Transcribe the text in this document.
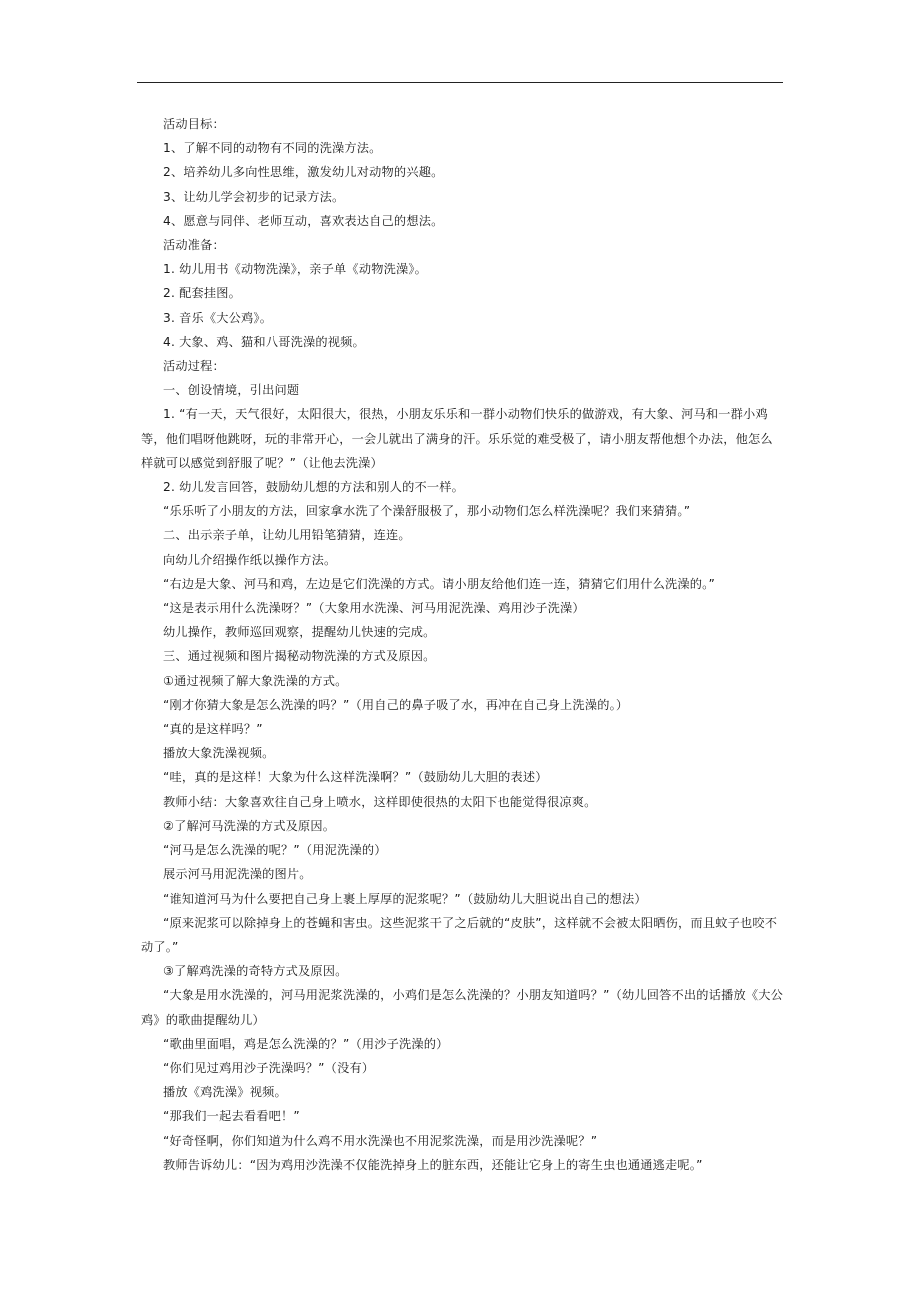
活动目标：

1、了解不同的动物有不同的洗澡方法。

2、培养幼儿多向性思维，激发幼儿对动物的兴趣。

3、让幼儿学会初步的记录方法。

4、愿意与同伴、老师互动，喜欢表达自己的想法。

活动准备：

1. 幼儿用书《动物洗澡》，亲子单《动物洗澡》。

2. 配套挂图。

3. 音乐《大公鸡》。

4. 大象、鸡、猫和八哥洗澡的视频。

活动过程：

一、创设情境，引出问题

1. “有一天，天气很好，太阳很大，很热，小朋友乐乐和一群小动物们快乐的做游戏，有大象、河马和一群小鸡等，他们唱呀他跳呀，玩的非常开心，一会儿就出了满身的汗。乐乐觉的难受极了，请小朋友帮他想个办法，他怎么样就可以感觉到舒服了呢？”（让他去洗澡）

2. 幼儿发言回答，鼓励幼儿想的方法和别人的不一样。

“乐乐听了小朋友的方法，回家拿水洗了个澡舒服极了，那小动物们怎么样洗澡呢？我们来猜猜。”

二、出示亲子单，让幼儿用铅笔猜猜，连连。

向幼儿介绍操作纸以操作方法。

“右边是大象、河马和鸡，左边是它们洗澡的方式。请小朋友给他们连一连，猜猜它们用什么洗澡的。”

“这是表示用什么洗澡呀？”（大象用水洗澡、河马用泥洗澡、鸡用沙子洗澡）

幼儿操作，教师巡回观察，提醒幼儿快速的完成。

三、通过视频和图片揭秘动物洗澡的方式及原因。

①通过视频了解大象洗澡的方式。

“刚才你猜大象是怎么洗澡的吗？”（用自己的鼻子吸了水，再冲在自己身上洗澡的。）

“真的是这样吗？”

播放大象洗澡视频。

“哇，真的是这样！大象为什么这样洗澡啊？”（鼓励幼儿大胆的表述）

教师小结：大象喜欢往自己身上喷水，这样即使很热的太阳下也能觉得很凉爽。

②了解河马洗澡的方式及原因。

“河马是怎么洗澡的呢？”（用泥洗澡的）

展示河马用泥洗澡的图片。

“谁知道河马为什么要把自己身上裹上厚厚的泥浆呢？”（鼓励幼儿大胆说出自己的想法）

“原来泥浆可以除掉身上的苍蝇和害虫。这些泥浆干了之后就的“皮肤”，这样就不会被太阳晒伤，而且蚊子也咬不动了。”

③了解鸡洗澡的奇特方式及原因。

“大象是用水洗澡的，河马用泥浆洗澡的，小鸡们是怎么洗澡的？小朋友知道吗？”（幼儿回答不出的话播放《大公鸡》的歌曲提醒幼儿）

“歌曲里面唱，鸡是怎么洗澡的？”（用沙子洗澡的）

“你们见过鸡用沙子洗澡吗？”（没有）

播放《鸡洗澡》视频。

“那我们一起去看看吧！”

“好奇怪啊，你们知道为什么鸡不用水洗澡也不用泥浆洗澡，而是用沙洗澡呢？”

教师告诉幼儿：“因为鸡用沙洗澡不仅能洗掉身上的脏东西，还能让它身上的寄生虫也通通逃走呢。”
